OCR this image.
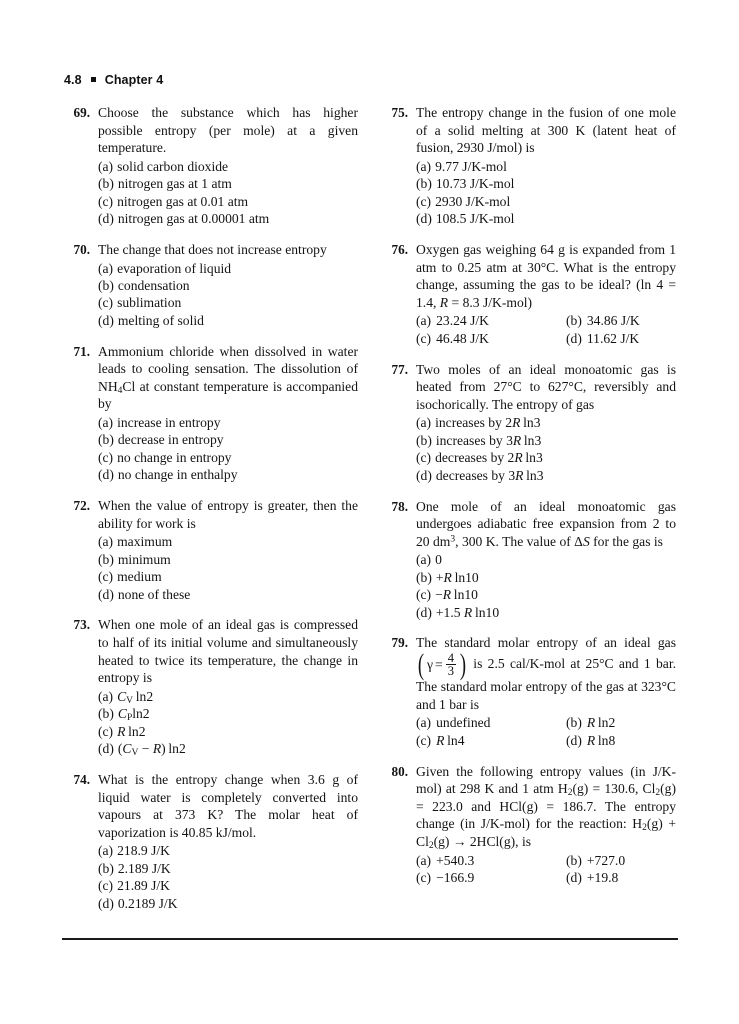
4.8 Chapter 4
69. Choose the substance which has higher possible entropy (per mole) at a given temperature.
(a) solid carbon dioxide
(b) nitrogen gas at 1 atm
(c) nitrogen gas at 0.01 atm
(d) nitrogen gas at 0.00001 atm
70. The change that does not increase entropy
(a) evaporation of liquid
(b) condensation
(c) sublimation
(d) melting of solid
71. Ammonium chloride when dissolved in water leads to cooling sensation. The dissolution of $NH_4Cl$ at constant temperature is accompanied by
(a) increase in entropy
(b) decrease in entropy
(c) no change in entropy
(d) no change in enthalpy
72. When the value of entropy is greater, then the ability for work is
(a) maximum
(b) minimum
(c) medium
(d) none of these
73. When one mole of an ideal gas is compressed to half of its initial volume and simultaneously heated to twice its temperature, the change in entropy is
(a) $C_V$ ln2
(b) $C_P\ln 2$
(c) R ln2
(d) $(C_V - R)$ ln2
74. What is the entropy change when 3.6 g of liquid water is completely converted into vapours at 373 K? The molar heat of vaporization is 40.85 kJ/mol.
(a) 218.9 J/K
(b) 2.189 J/K
(c) 21.89 J/K
(d) 0.2189 J/K
75. The entropy change in the fusion of one mole of a solid melting at 300 K (latent heat of fusion, 2930 J/mol) is
(a) 9.77 J/K-mol
(b) 10.73 J/K-mol
(c) 2930 J/K-mol
(d) 108.5 J/K-mol
76. Oxygen gas weighing 64 g is expanded from 1 atm to 0.25 atm at 30°C. What is the entropy change, assuming the gas to be ideal? (ln 4 = 1.4, R = 8.3 J/K-mol)
(a) 23.24 J/K	(b) 34.86 J/K
(c) 46.48 J/K	(d) 11.62 J/K
77. Two moles of an ideal monoatomic gas is heated from 27°C to 627°C, reversibly and isochorically. The entropy of gas
(a) increases by 2R ln3
(b) increases by 3R ln3
(c) decreases by 2R ln3
(d) decreases by 3R ln3
78. One mole of an ideal monoatomic gas undergoes adiabatic free expansion from 2 to 20 $dm^3$, 300 K. The value of ΔS for the gas is
(a) 0
(b) +R ln10
(c) −R ln10
(d) +1.5 R ln10
79. The standard molar entropy of an ideal gas
( $\gamma = \frac{4}{3}$ ) is 2.5 cal/K-mol at 25°C and 1 bar. The standard molar entropy of the gas at 323°C and 1 bar is
(a) undefined	(b) R ln2
(c) R ln4	(d) R ln8
80. Given the following entropy values (in J/K-mol) at 298 K and 1 atm $H_2(g) = 130.6$, $Cl_2(g) = 223.0$ and HCl(g) = 186.7. The entropy change (in J/K-mol) for the reaction: $H_2(g) + Cl_2(g) \to 2HCl(g)$, is
(a) +540.3	(b) +727.0
(c) −166.9	(d) +19.8
